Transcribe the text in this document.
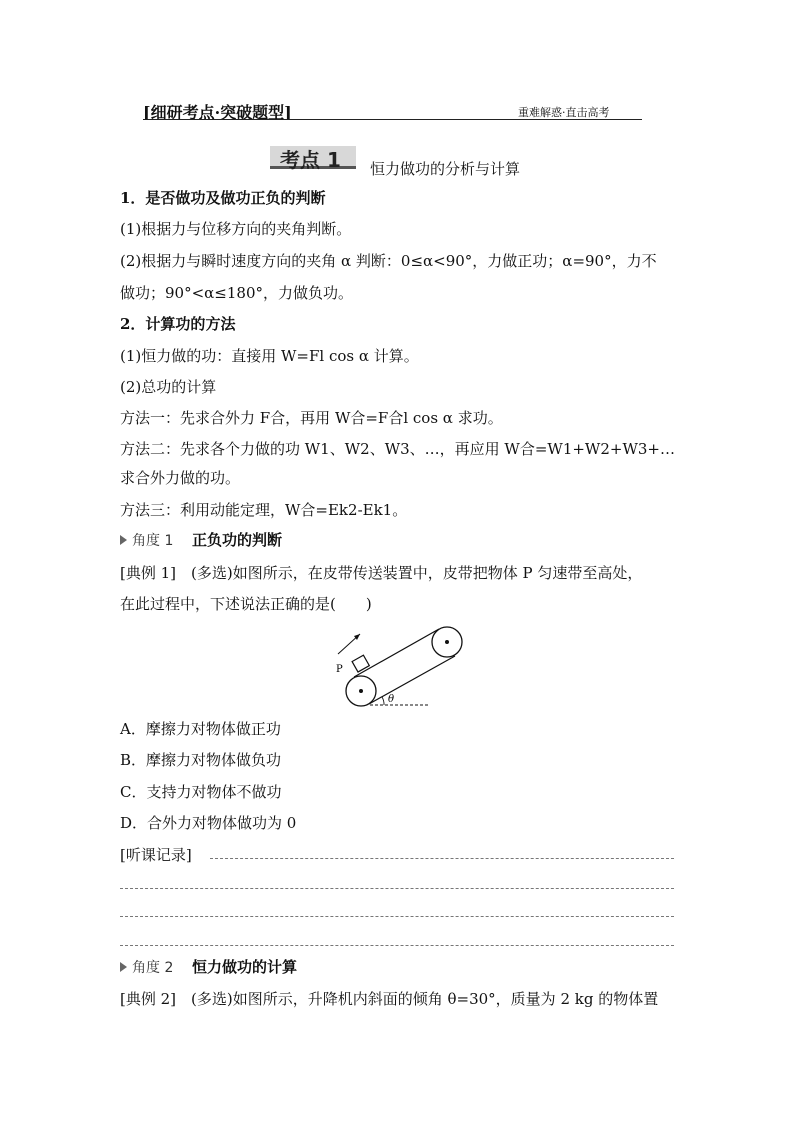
[细研考点·突破题型]	重难解惑·直击高考
考点 1 恒力做功的分析与计算
1．是否做功及做功正负的判断
(1)根据力与位移方向的夹角判断。
(2)根据力与瞬时速度方向的夹角 α 判断：0≤α<90°，力做正功；α=90°，力不
做功；90°<α≤180°，力做负功。
2．计算功的方法
(1)恒力做的功：直接用 W=Fl cos α 计算。
(2)总功的计算
方法一：先求合外力 F合，再用 W合=F合l cos α 求功。
方法二：先求各个力做的功 W1、W2、W3、…，再应用 W合=W1+W2+W3+…
求合外力做的功。
方法三：利用动能定理，W合=Ek2-Ek1。
角度 1 正负功的判断
[典例 1]　(多选)如图所示，在皮带传送装置中，皮带把物体 P 匀速带至高处，
在此过程中，下述说法正确的是(　　)
P
θ
A．摩擦力对物体做正功
B．摩擦力对物体做负功
C．支持力对物体不做功
D．合外力对物体做功为 0
[听课记录]
角度 2 恒力做功的计算
[典例 2]　(多选)如图所示，升降机内斜面的倾角 θ=30°，质量为 2 kg 的物体置
